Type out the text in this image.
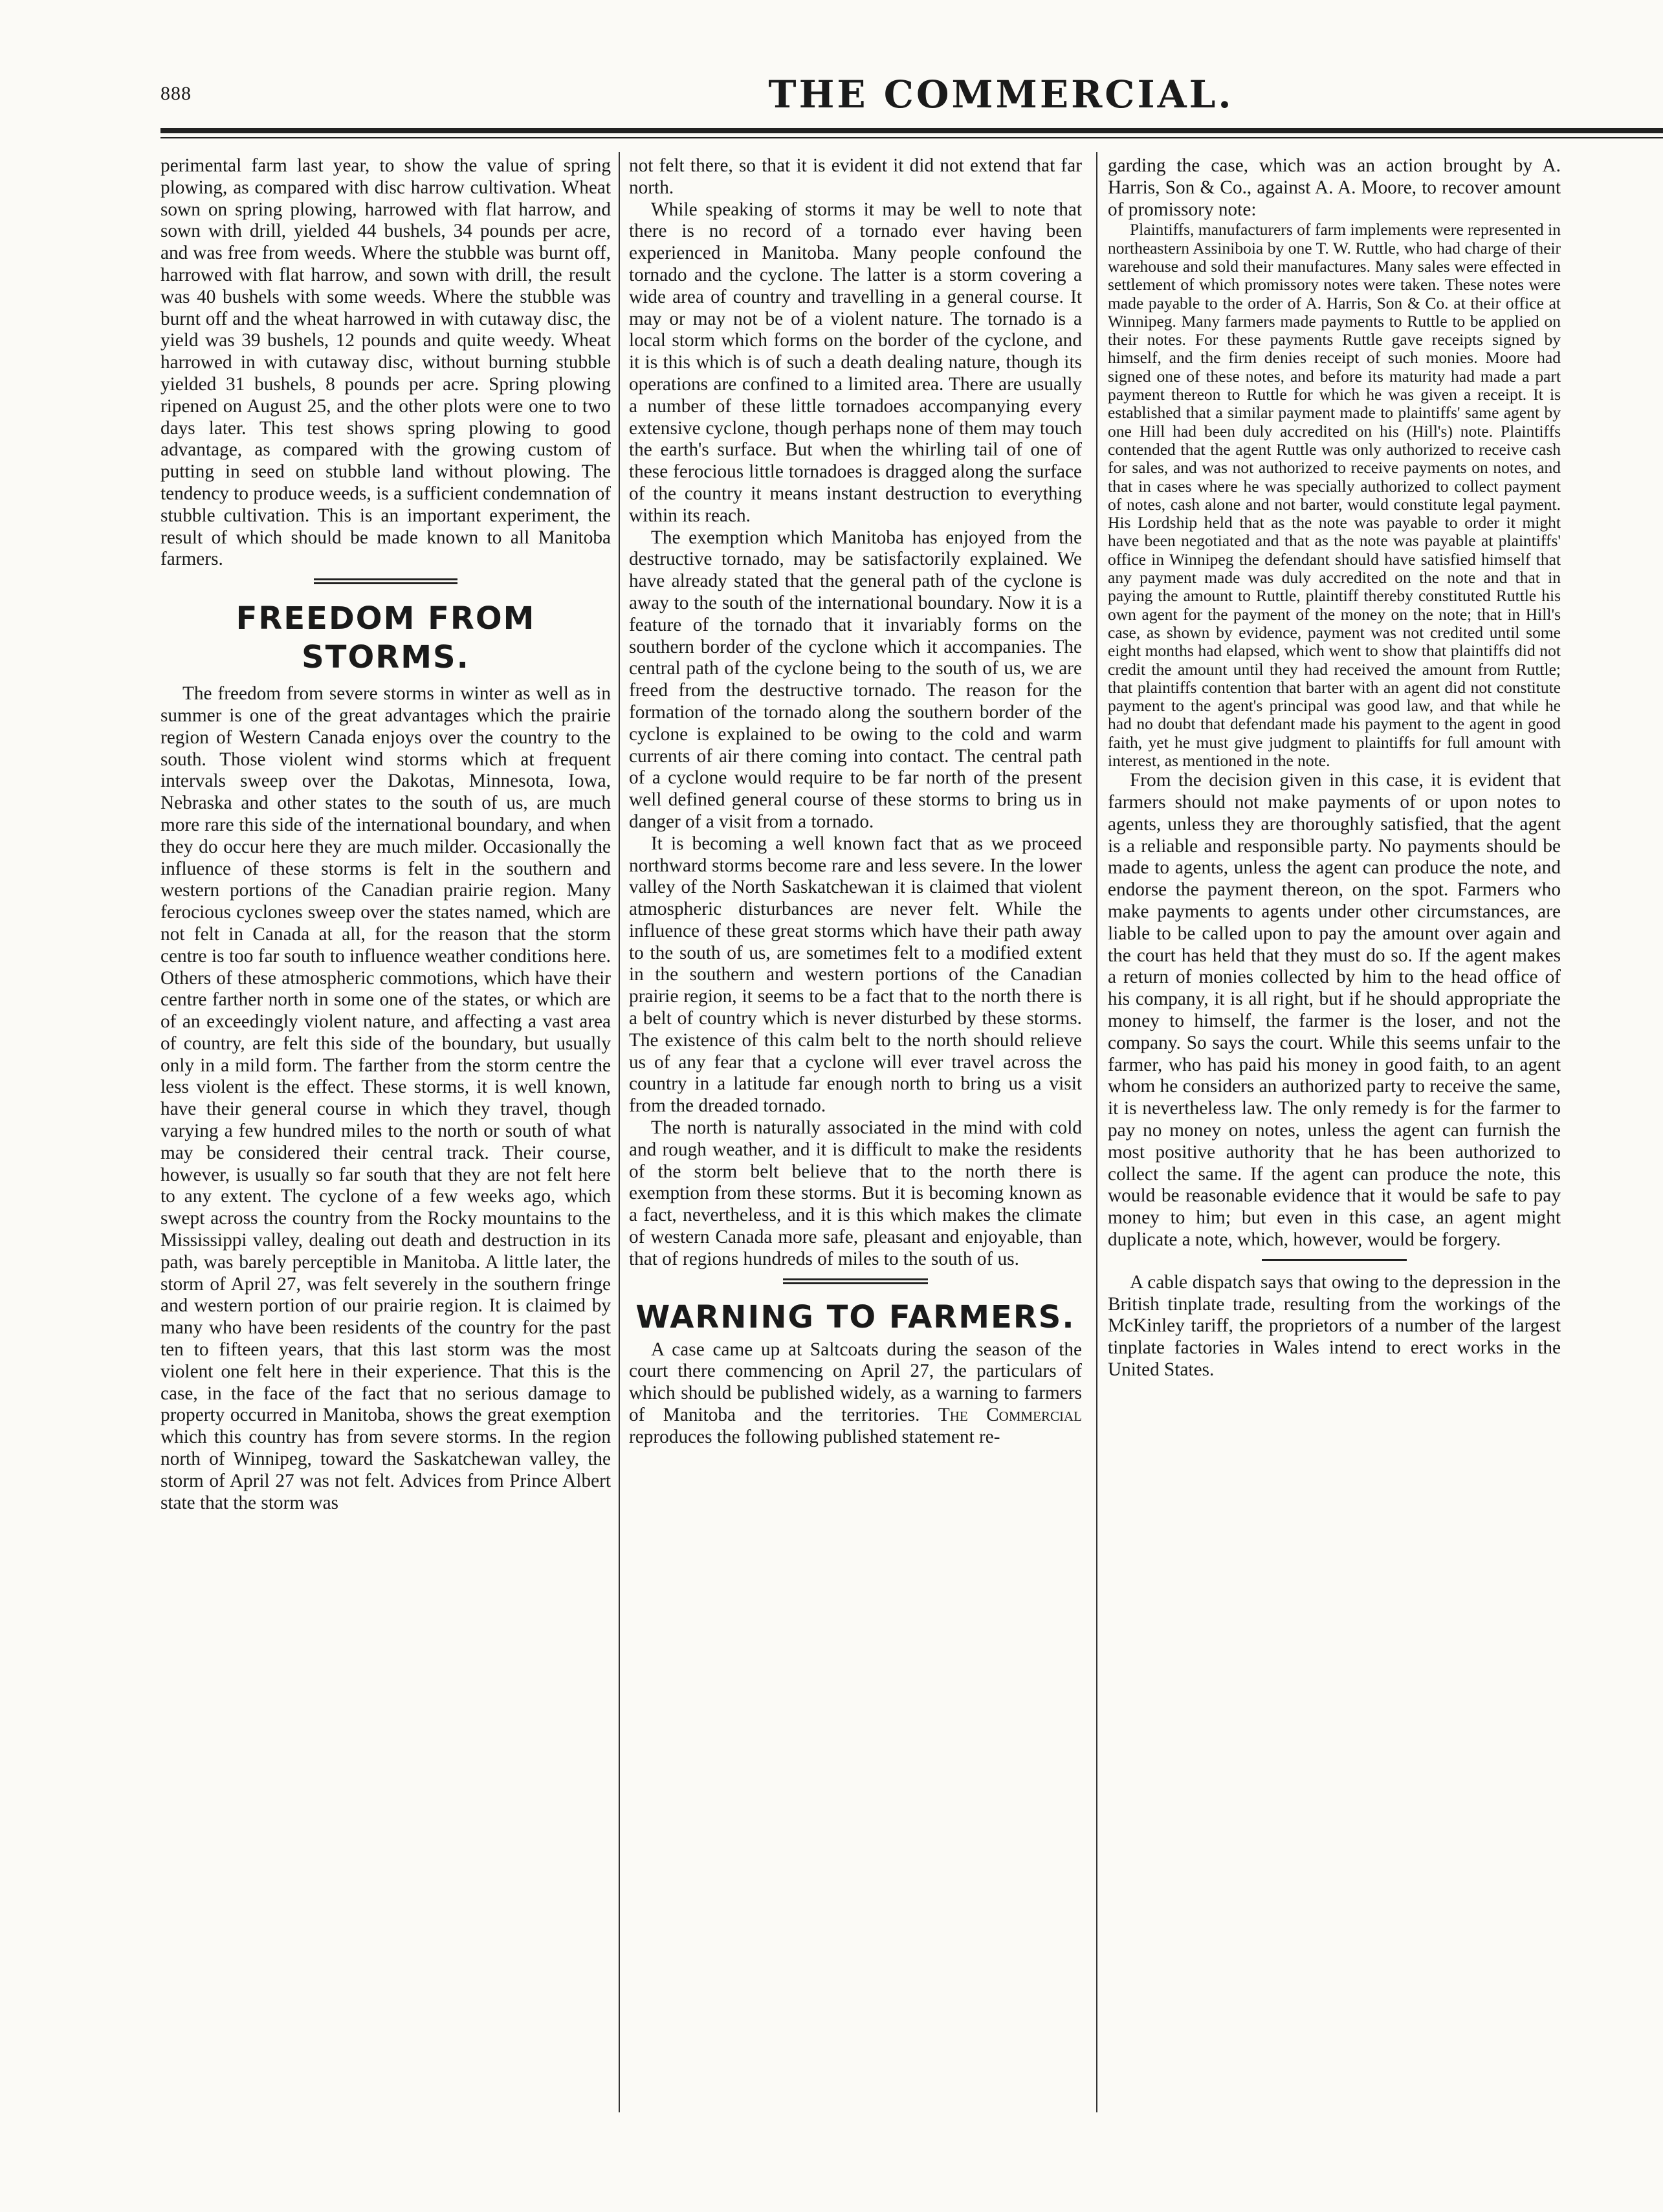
888	THE COMMERCIAL.

perimental farm last year, to show the value of spring plowing, as compared with disc harrow cultivation. Wheat sown on spring plowing, harrowed with flat harrow, and sown with drill, yielded 44 bushels, 34 pounds per acre, and was free from weeds. Where the stubble was burnt off, harrowed with flat harrow, and sown with drill, the result was 40 bushels with some weeds. Where the stubble was burnt off and the wheat harrowed in with cutaway disc, the yield was 39 bushels, 12 pounds and quite weedy. Wheat harrowed in with cutaway disc, without burning stubble yielded 31 bushels, 8 pounds per acre. Spring plowing ripened on August 25, and the other plots were one to two days later. This test shows spring plowing to good advantage, as compared with the growing custom of putting in seed on stubble land without plowing. The tendency to produce weeds, is a sufficient condemnation of stubble cultivation. This is an important experiment, the result of which should be made known to all Manitoba farmers.

FREEDOM FROM STORMS.

The freedom from severe storms in winter as well as in summer is one of the great advantages which the prairie region of Western Canada enjoys over the country to the south. Those violent wind storms which at frequent intervals sweep over the Dakotas, Minnesota, Iowa, Nebraska and other states to the south of us, are much more rare this side of the international boundary, and when they do occur here they are much milder. Occasionally the influence of these storms is felt in the southern and western portions of the Canadian prairie region. Many ferocious cyclones sweep over the states named, which are not felt in Canada at all, for the reason that the storm centre is too far south to influence weather conditions here. Others of these atmospheric commotions, which have their centre farther north in some one of the states, or which are of an exceedingly violent nature, and affecting a vast area of country, are felt this side of the boundary, but usually only in a mild form. The farther from the storm centre the less violent is the effect. These storms, it is well known, have their general course in which they travel, though varying a few hundred miles to the north or south of what may be considered their central track. Their course, however, is usually so far south that they are not felt here to any extent. The cyclone of a few weeks ago, which swept across the country from the Rocky mountains to the Mississippi valley, dealing out death and destruction in its path, was barely perceptible in Manitoba. A little later, the storm of April 27, was felt severely in the southern fringe and western portion of our prairie region. It is claimed by many who have been residents of the country for the past ten to fifteen years, that this last storm was the most violent one felt here in their experience. That this is the case, in the face of the fact that no serious damage to property occurred in Manitoba, shows the great exemption which this country has from severe storms. In the region north of Winnipeg, toward the Saskatchewan valley, the storm of April 27 was not felt. Advices from Prince Albert state that the storm was

not felt there, so that it is evident it did not extend that far north.

While speaking of storms it may be well to note that there is no record of a tornado ever having been experienced in Manitoba. Many people confound the tornado and the cyclone. The latter is a storm covering a wide area of country and travelling in a general course. It may or may not be of a violent nature. The tornado is a local storm which forms on the border of the cyclone, and it is this which is of such a death dealing nature, though its operations are confined to a limited area. There are usually a number of these little tornadoes accompanying every extensive cyclone, though perhaps none of them may touch the earth's surface. But when the whirling tail of one of these ferocious little tornadoes is dragged along the surface of the country it means instant destruction to everything within its reach.

The exemption which Manitoba has enjoyed from the destructive tornado, may be satisfactorily explained. We have already stated that the general path of the cyclone is away to the south of the international boundary. Now it is a feature of the tornado that it invariably forms on the southern border of the cyclone which it accompanies. The central path of the cyclone being to the south of us, we are freed from the destructive tornado. The reason for the formation of the tornado along the southern border of the cyclone is explained to be owing to the cold and warm currents of air there coming into contact. The central path of a cyclone would require to be far north of the present well defined general course of these storms to bring us in danger of a visit from a tornado.

It is becoming a well known fact that as we proceed northward storms become rare and less severe. In the lower valley of the North Saskatchewan it is claimed that violent atmospheric disturbances are never felt. While the influence of these great storms which have their path away to the south of us, are sometimes felt to a modified extent in the southern and western portions of the Canadian prairie region, it seems to be a fact that to the north there is a belt of country which is never disturbed by these storms. The existence of this calm belt to the north should relieve us of any fear that a cyclone will ever travel across the country in a latitude far enough north to bring us a visit from the dreaded tornado.

The north is naturally associated in the mind with cold and rough weather, and it is difficult to make the residents of the storm belt believe that to the north there is exemption from these storms. But it is becoming known as a fact, nevertheless, and it is this which makes the climate of western Canada more safe, pleasant and enjoyable, than that of regions hundreds of miles to the south of us.

WARNING TO FARMERS.

A case came up at Saltcoats during the season of the court there commencing on April 27, the particulars of which should be published widely, as a warning to farmers of Manitoba and the territories. The Commercial reproduces the following published statement re-

garding the case, which was an action brought by A. Harris, Son & Co., against A. A. Moore, to recover amount of promissory note:

Plaintiffs, manufacturers of farm implements were represented in northeastern Assiniboia by one T. W. Ruttle, who had charge of their warehouse and sold their manufactures. Many sales were effected in settlement of which promissory notes were taken. These notes were made payable to the order of A. Harris, Son & Co. at their office at Winnipeg. Many farmers made payments to Ruttle to be applied on their notes. For these payments Ruttle gave receipts signed by himself, and the firm denies receipt of such monies. Moore had signed one of these notes, and before its maturity had made a part payment thereon to Ruttle for which he was given a receipt. It is established that a similar payment made to plaintiffs' same agent by one Hill had been duly accredited on his (Hill's) note. Plaintiffs contended that the agent Ruttle was only authorized to receive cash for sales, and was not authorized to receive payments on notes, and that in cases where he was specially authorized to collect payment of notes, cash alone and not barter, would constitute legal payment. His Lordship held that as the note was payable to order it might have been negotiated and that as the note was payable at plaintiffs' office in Winnipeg the defendant should have satisfied himself that any payment made was duly accredited on the note and that in paying the amount to Ruttle, plaintiff thereby constituted Ruttle his own agent for the payment of the money on the note; that in Hill's case, as shown by evidence, payment was not credited until some eight months had elapsed, which went to show that plaintiffs did not credit the amount until they had received the amount from Ruttle; that plaintiffs contention that barter with an agent did not constitute payment to the agent's principal was good law, and that while he had no doubt that defendant made his payment to the agent in good faith, yet he must give judgment to plaintiffs for full amount with interest, as mentioned in the note.

From the decision given in this case, it is evident that farmers should not make payments of or upon notes to agents, unless they are thoroughly satisfied, that the agent is a reliable and responsible party. No payments should be made to agents, unless the agent can produce the note, and endorse the payment thereon, on the spot. Farmers who make payments to agents under other circumstances, are liable to be called upon to pay the amount over again and the court has held that they must do so. If the agent makes a return of monies collected by him to the head office of his company, it is all right, but if he should appropriate the money to himself, the farmer is the loser, and not the company. So says the court. While this seems unfair to the farmer, who has paid his money in good faith, to an agent whom he considers an authorized party to receive the same, it is nevertheless law. The only remedy is for the farmer to pay no money on notes, unless the agent can furnish the most positive authority that he has been authorized to collect the same. If the agent can produce the note, this would be reasonable evidence that it would be safe to pay money to him; but even in this case, an agent might duplicate a note, which, however, would be forgery.

A cable dispatch says that owing to the depression in the British tinplate trade, resulting from the workings of the McKinley tariff, the proprietors of a number of the largest tinplate factories in Wales intend to erect works in the United States.
